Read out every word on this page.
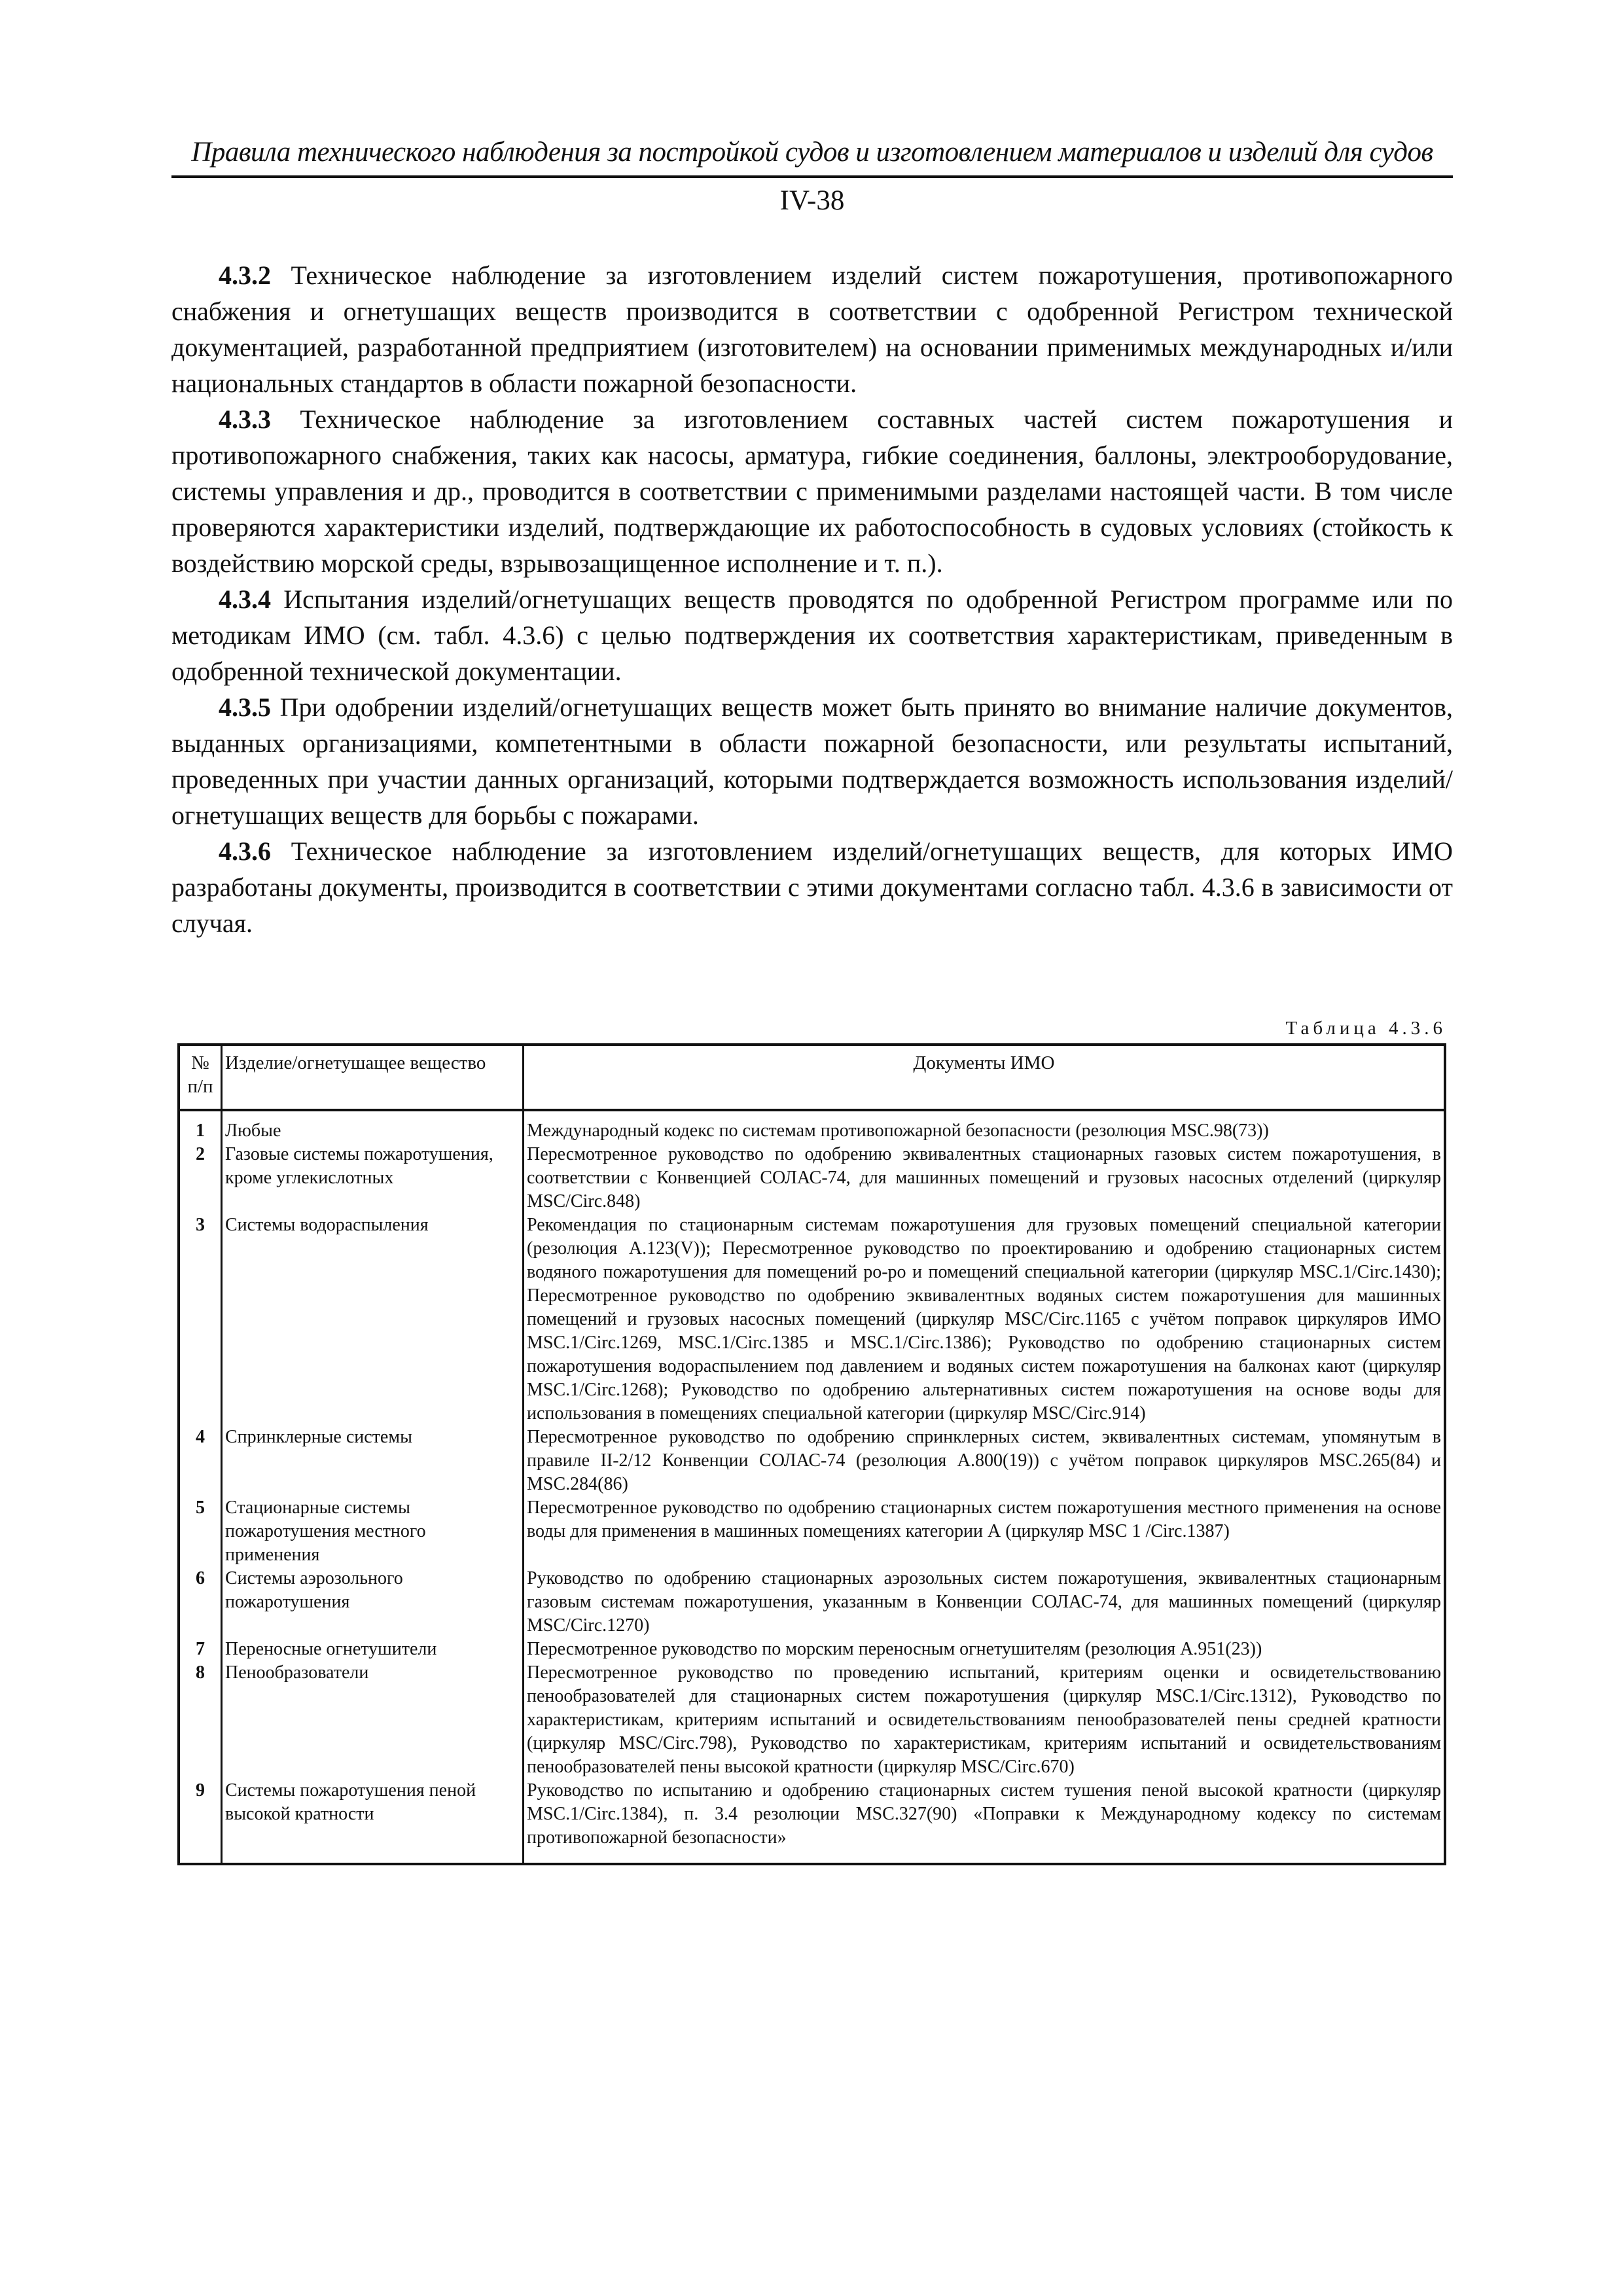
Правила технического наблюдения за постройкой судов и изготовлением материалов и изделий для судов
IV-38

4.3.2 Техническое наблюдение за изготовлением изделий систем пожаротушения, противопожарного снабжения и огнетушащих веществ производится в соответствии с одобренной Регистром технической документацией, разработанной предприятием (изготовителем) на основании применимых международных и/или национальных стандартов в области пожарной безопасности.

4.3.3 Техническое наблюдение за изготовлением составных частей систем пожаротушения и противопожарного снабжения, таких как насосы, арматура, гибкие соединения, баллоны, электрооборудование, системы управления и др., проводится в соответствии с применимыми разделами настоящей части. В том числе проверяются характеристики изделий, подтверждающие их работоспособность в судовых условиях (стойкость к воздействию морской среды, взрывозащищенное исполнение и т. п.).

4.3.4 Испытания изделий/огнетушащих веществ проводятся по одобренной Регистром программе или по методикам ИМО (см. табл. 4.3.6) с целью подтверждения их соответствия характеристикам, приведенным в одобренной технической документации.

4.3.5 При одобрении изделий/огнетушащих веществ может быть принято во внимание наличие документов, выданных организациями, компетентными в области пожарной безопасности, или результаты испытаний, проведенных при участии данных организаций, которыми подтверждается возможность использования изделий/огнетушащих веществ для борьбы с пожарами.

4.3.6 Техническое наблюдение за изготовлением изделий/огнетушащих веществ, для которых ИМО разработаны документы, производится в соответствии с этими документами согласно табл. 4.3.6 в зависимости от случая.

Таблица 4.3.6
№ п/п	Изделие/огнетушащее вещество	Документы ИМО
1	Любые	Международный кодекс по системам противопожарной безопасности (резолюция MSC.98(73))
2	Газовые системы пожаротушения, кроме углекислотных	Пересмотренное руководство по одобрению эквивалентных стационарных газовых систем пожаротушения, в соответствии с Конвенцией СОЛАС-74, для машинных помещений и грузовых насосных отделений (циркуляр MSC/Circ.848)
3	Системы водораспыления	Рекомендация по стационарным системам пожаротушения для грузовых помещений специальной категории (резолюция A.123(V)); Пересмотренное руководство по проектированию и одобрению стационарных систем водяного пожаротушения для помещений ро-ро и помещений специальной категории (циркуляр MSC.1/Circ.1430); Пересмотренное руководство по одобрению эквивалентных водяных систем пожаротушения для машинных помещений и грузовых насосных помещений (циркуляр MSC/Circ.1165 с учётом поправок циркуляров ИМО MSC.1/Circ.1269, MSC.1/Circ.1385 и MSC.1/Circ.1386); Руководство по одобрению стационарных систем пожаротушения водораспылением под давлением и водяных систем пожаротушения на балконах кают (циркуляр MSC.1/Circ.1268); Руководство по одобрению альтернативных систем пожаротушения на основе воды для использования в помещениях специальной категории (циркуляр MSC/Circ.914)
4	Спринклерные системы	Пересмотренное руководство по одобрению спринклерных систем, эквивалентных системам, упомянутым в правиле II-2/12 Конвенции СОЛАС-74 (резолюция A.800(19)) с учётом поправок циркуляров MSC.265(84) и MSC.284(86)
5	Стационарные системы пожаротушения местного применения	Пересмотренное руководство по одобрению стационарных систем пожаротушения местного применения на основе воды для применения в машинных помещениях категории А (циркуляр MSC 1 /Circ.1387)
6	Системы аэрозольного пожаротушения	Руководство по одобрению стационарных аэрозольных систем пожаротушения, эквивалентных стационарным газовым системам пожаротушения, указанным в Конвенции СОЛАС-74, для машинных помещений (циркуляр MSC/Circ.1270)
7	Переносные огнетушители	Пересмотренное руководство по морским переносным огнетушителям (резолюция A.951(23))
8	Пенообразователи	Пересмотренное руководство по проведению испытаний, критериям оценки и освидетельствованию пенообразователей для стационарных систем пожаротушения (циркуляр MSC.1/Circ.1312), Руководство по характеристикам, критериям испытаний и освидетельствованиям пенообразователей пены средней кратности (циркуляр MSC/Circ.798), Руководство по характеристикам, критериям испытаний и освидетельствованиям пенообразователей пены высокой кратности (циркуляр MSC/Circ.670)
9	Системы пожаротушения пеной высокой кратности	Руководство по испытанию и одобрению стационарных систем тушения пеной высокой кратности (циркуляр MSC.1/Circ.1384), п. 3.4 резолюции MSC.327(90) «Поправки к Международному кодексу по системам противопожарной безопасности»
